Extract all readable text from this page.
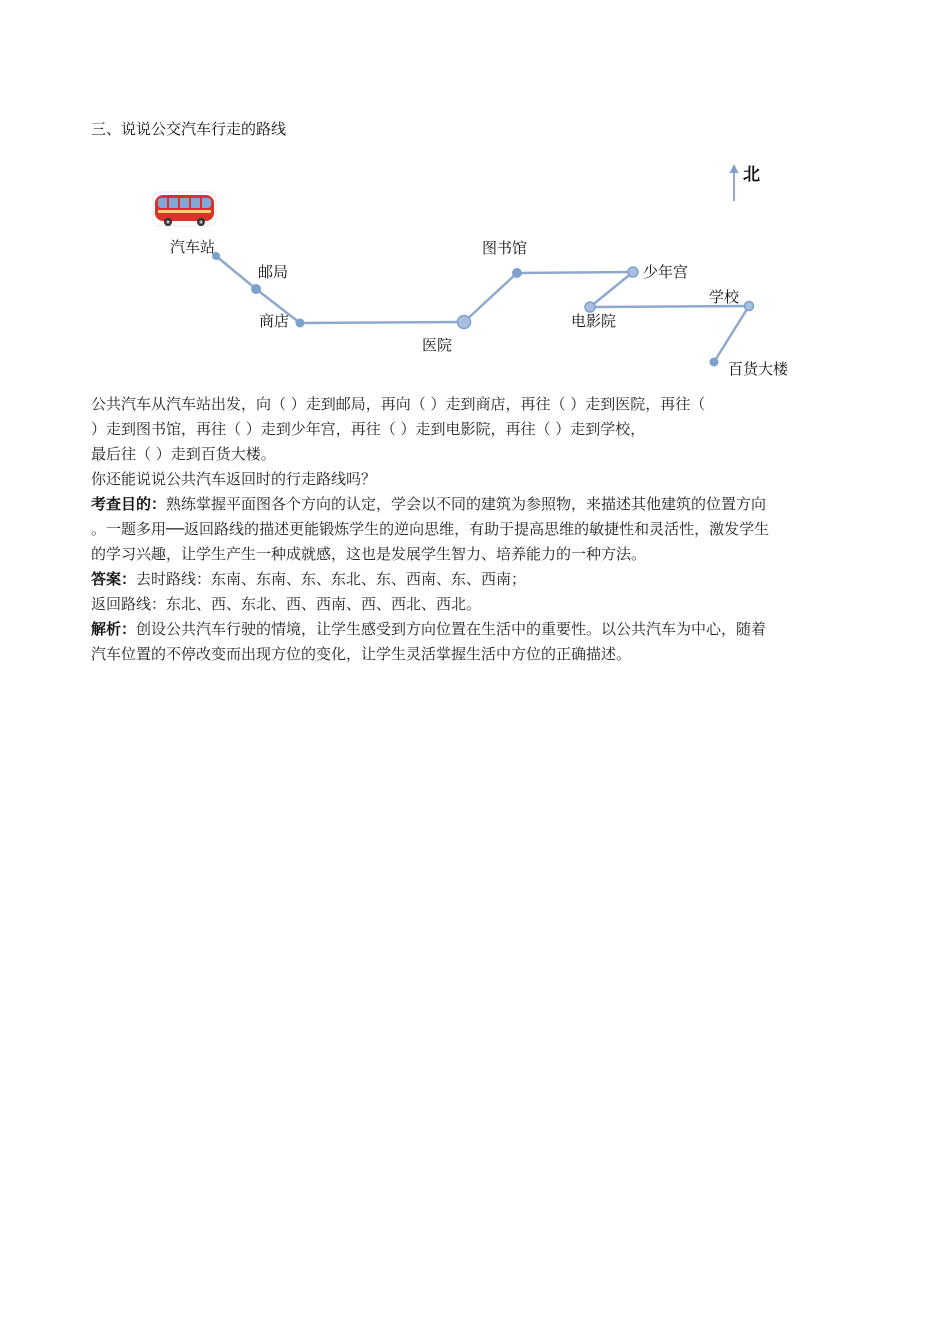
三、说说公交汽车行走的路线
北
汽车站
邮局
商店
医院
图书馆
少年宫
电影院
学校
百货大楼

公共汽车从汽车站出发，向（ ）走到邮局，再向（ ）走到商店，再往（ ）走到医院，再往（

）走到图书馆，再往（ ）走到少年宫，再往（ ）走到电影院，再往（ ）走到学校，

最后往（ ）走到百货大楼。

你还能说说公共汽车返回时的行走路线吗？

考查目的：熟练掌握平面图各个方向的认定，学会以不同的建筑为参照物，来描述其他建筑的位置方向

。一题多用──返回路线的描述更能锻炼学生的逆向思维，有助于提高思维的敏捷性和灵活性，激发学生

的学习兴趣，让学生产生一种成就感，这也是发展学生智力、培养能力的一种方法。

答案：去时路线：东南、东南、东、东北、东、西南、东、西南；

返回路线：东北、西、东北、西、西南、西、西北、西北。

解析：创设公共汽车行驶的情境，让学生感受到方向位置在生活中的重要性。以公共汽车为中心，随着

汽车位置的不停改变而出现方位的变化，让学生灵活掌握生活中方位的正确描述。
